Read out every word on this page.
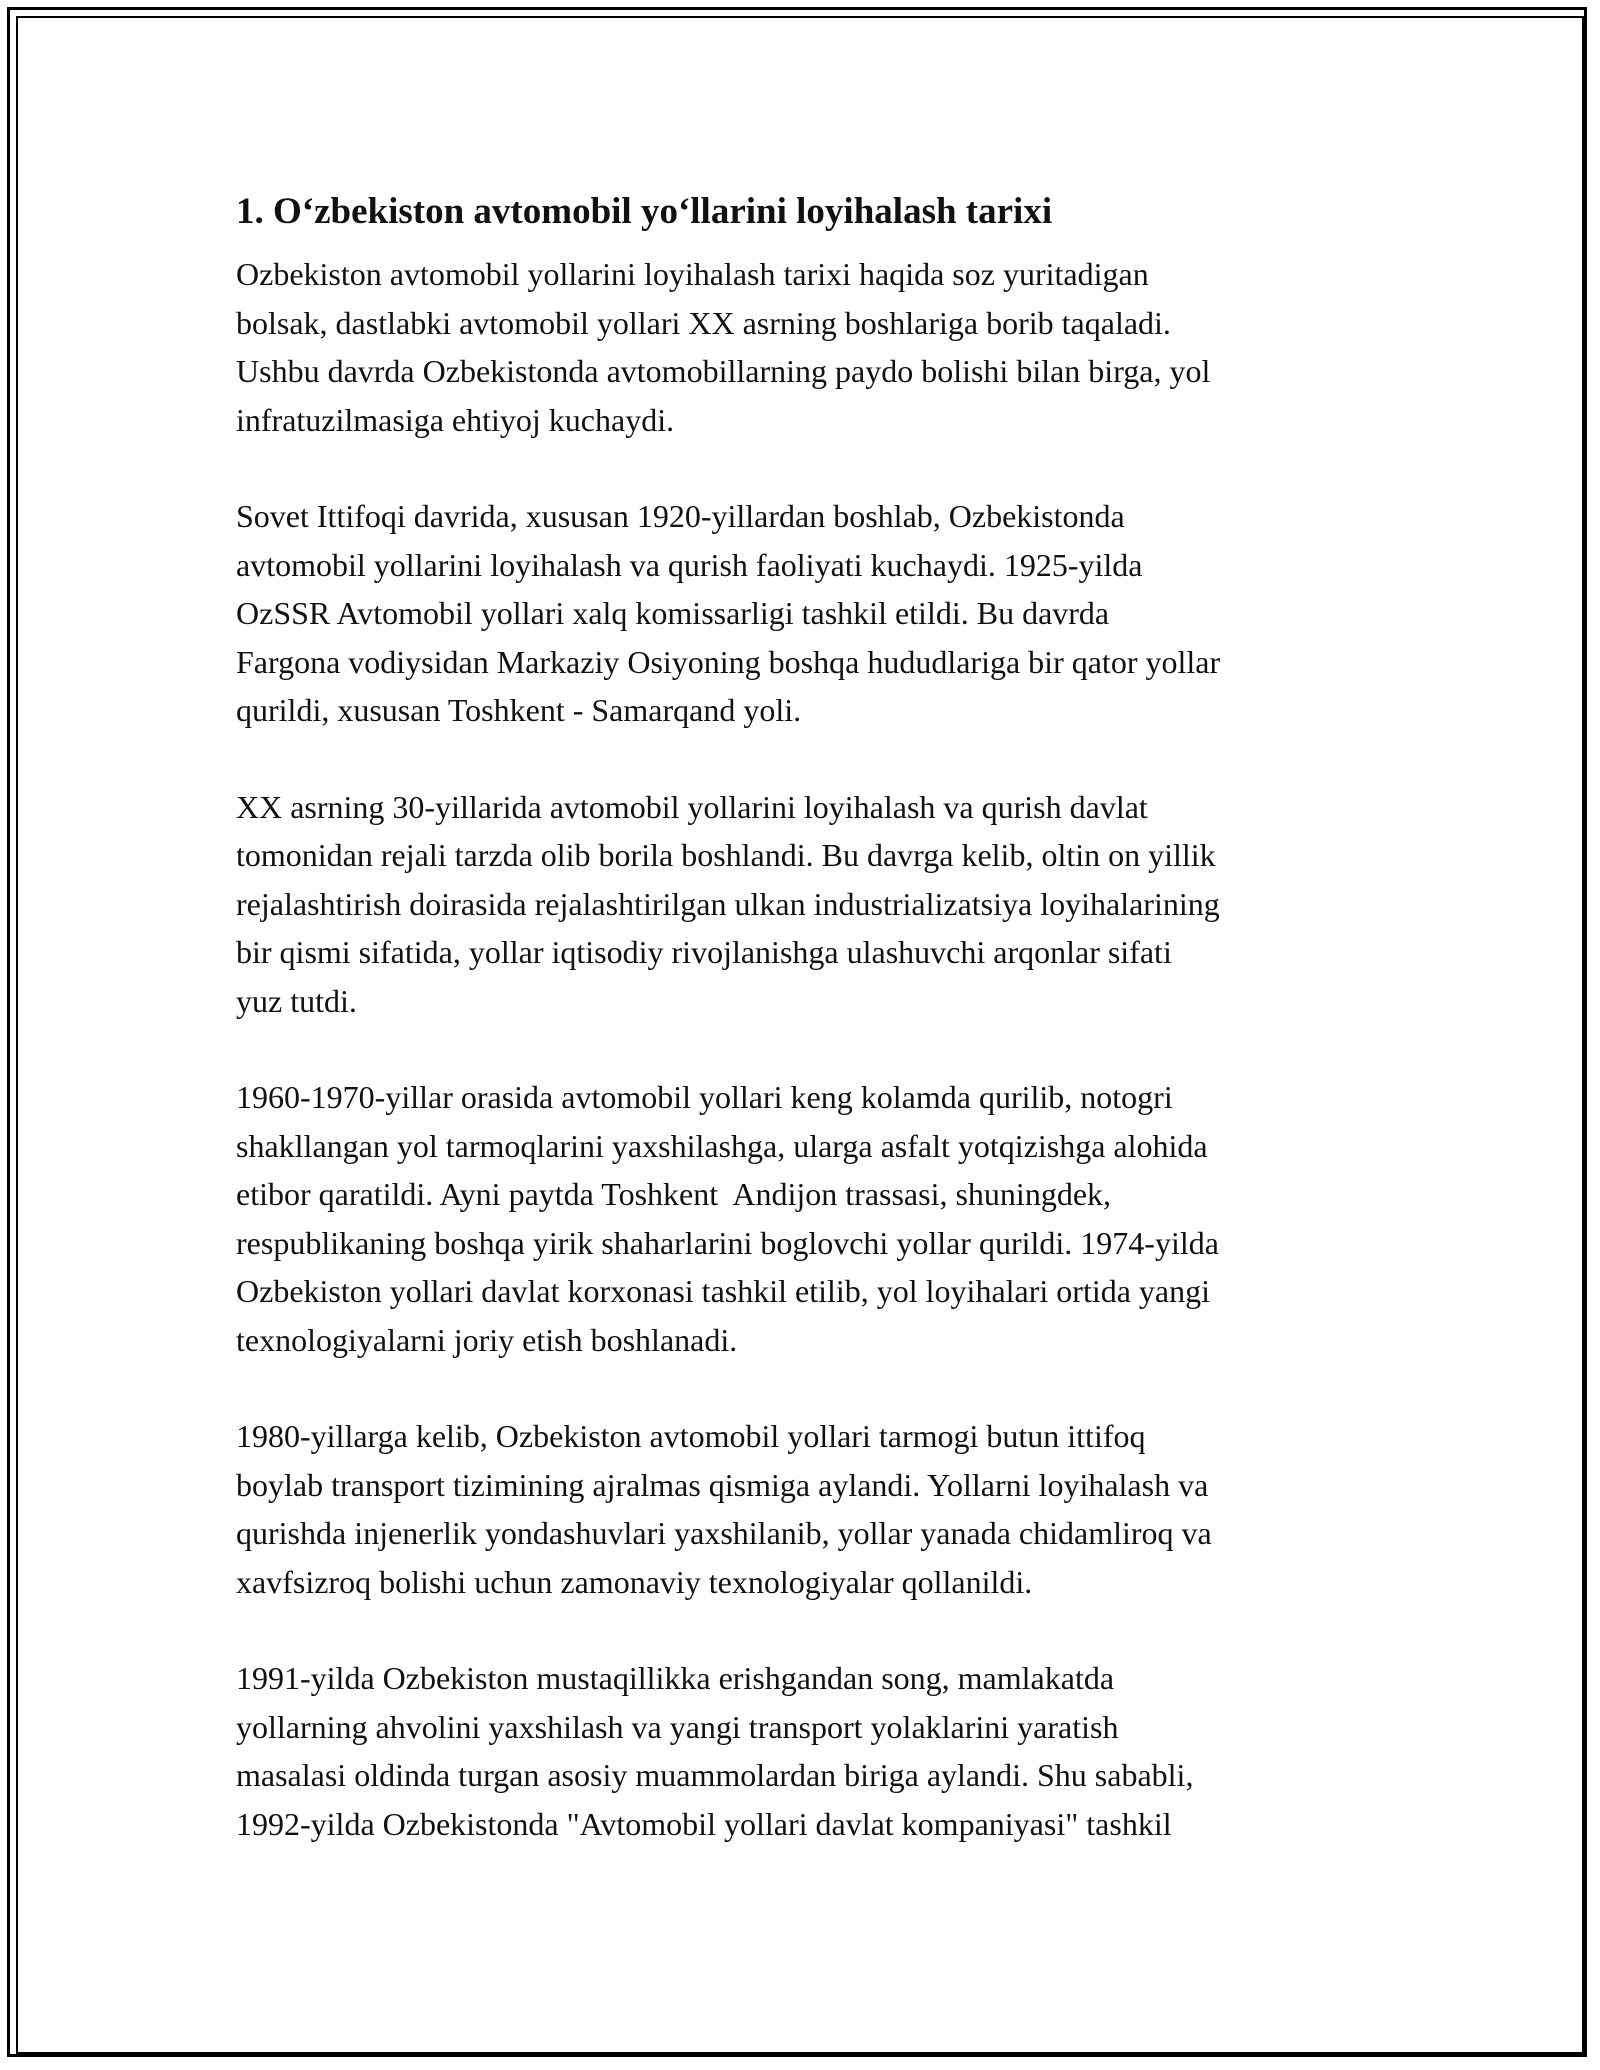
1. O‘zbekiston avtomobil yo‘llarini loyihalash tarixi

Ozbekiston avtomobil yollarini loyihalash tarixi haqida soz yuritadigan
bolsak, dastlabki avtomobil yollari XX asrning boshlariga borib taqaladi.
Ushbu davrda Ozbekistonda avtomobillarning paydo bolishi bilan birga, yol
infratuzilmasiga ehtiyoj kuchaydi.

Sovet Ittifoqi davrida, xususan 1920-yillardan boshlab, Ozbekistonda
avtomobil yollarini loyihalash va qurish faoliyati kuchaydi. 1925-yilda
OzSSR Avtomobil yollari xalq komissarligi tashkil etildi. Bu davrda
Fargona vodiysidan Markaziy Osiyoning boshqa hududlariga bir qator yollar
qurildi, xususan Toshkent - Samarqand yoli.

XX asrning 30-yillarida avtomobil yollarini loyihalash va qurish davlat
tomonidan rejali tarzda olib borila boshlandi. Bu davrga kelib, oltin on yillik
rejalashtirish doirasida rejalashtirilgan ulkan industrializatsiya loyihalarining
bir qismi sifatida, yollar iqtisodiy rivojlanishga ulashuvchi arqonlar sifati
yuz tutdi.

1960-1970-yillar orasida avtomobil yollari keng kolamda qurilib, notogri
shakllangan yol tarmoqlarini yaxshilashga, ularga asfalt yotqizishga alohida
etibor qaratildi. Ayni paytda Toshkent  Andijon trassasi, shuningdek,
respublikaning boshqa yirik shaharlarini boglovchi yollar qurildi. 1974-yilda
Ozbekiston yollari davlat korxonasi tashkil etilib, yol loyihalari ortida yangi
texnologiyalarni joriy etish boshlanadi.

1980-yillarga kelib, Ozbekiston avtomobil yollari tarmogi butun ittifoq
boylab transport tizimining ajralmas qismiga aylandi. Yollarni loyihalash va
qurishda injenerlik yondashuvlari yaxshilanib, yollar yanada chidamliroq va
xavfsizroq bolishi uchun zamonaviy texnologiyalar qollanildi.

1991-yilda Ozbekiston mustaqillikka erishgandan song, mamlakatda
yollarning ahvolini yaxshilash va yangi transport yolaklarini yaratish
masalasi oldinda turgan asosiy muammolardan biriga aylandi. Shu sababli,
1992-yilda Ozbekistonda "Avtomobil yollari davlat kompaniyasi" tashkil
